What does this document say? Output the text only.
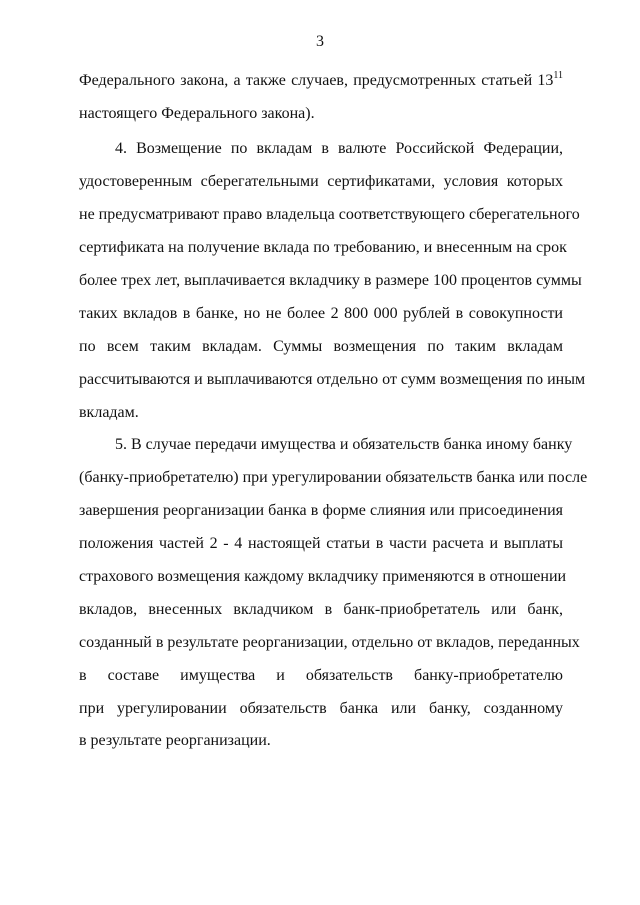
3
Федерального закона, а также случаев, предусмотренных статьей $13^{11}$
настоящего Федерального закона).
4. Возмещение по вкладам в валюте Российской Федерации,
удостоверенным сберегательными сертификатами, условия которых
не предусматривают право владельца соответствующего сберегательного
сертификата на получение вклада по требованию, и внесенным на срок
более трех лет, выплачивается вкладчику в размере 100 процентов суммы
таких вкладов в банке, но не более 2 800 000 рублей в совокупности
по всем таким вкладам. Суммы возмещения по таким вкладам
рассчитываются и выплачиваются отдельно от сумм возмещения по иным
вкладам.
5. В случае передачи имущества и обязательств банка иному банку
(банку-приобретателю) при урегулировании обязательств банка или после
завершения реорганизации банка в форме слияния или присоединения
положения частей 2 - 4 настоящей статьи в части расчета и выплаты
страхового возмещения каждому вкладчику применяются в отношении
вкладов, внесенных вкладчиком в банк-приобретатель или банк,
созданный в результате реорганизации, отдельно от вкладов, переданных
в составе имущества и обязательств банку-приобретателю
при урегулировании обязательств банка или банку, созданному
в результате реорганизации.
